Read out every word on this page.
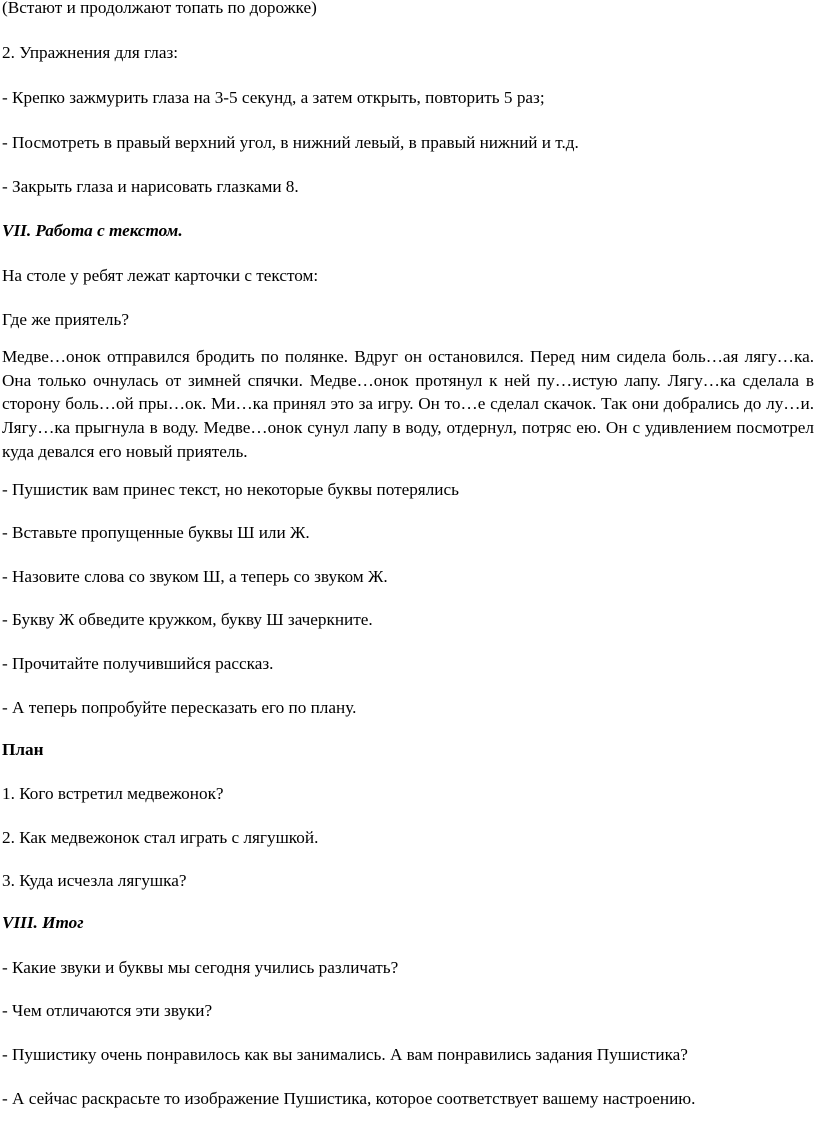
(Встают и продолжают топать по дорожке)

2. Упражнения для глаз:

- Крепко зажмурить глаза на 3-5 секунд, а затем открыть, повторить 5 раз;

- Посмотреть в правый верхний угол, в нижний левый, в правый нижний и т.д.

- Закрыть глаза и нарисовать глазками 8.

VII. Работа с текстом.

На столе у ребят лежат карточки с текстом:

Где же приятель?

Медве…онок отправился бродить по полянке. Вдруг он остановился. Перед ним сидела боль…ая лягу…ка. Она только очнулась от зимней спячки. Медве…онок протянул к ней пу…истую лапу. Лягу…ка сделала в сторону боль…ой пры…ок. Ми…ка принял это за игру. Он то…е сделал скачок. Так они добрались до лу…и. Лягу…ка прыгнула в воду. Медве…онок сунул лапу в воду, отдернул, потряс ею. Он с удивлением посмотрел куда девался его новый приятель.

- Пушистик вам принес текст, но некоторые буквы потерялись

- Вставьте пропущенные буквы Ш или Ж.

- Назовите слова со звуком Ш, а теперь со звуком Ж.

- Букву Ж обведите кружком, букву Ш зачеркните.

- Прочитайте получившийся рассказ.

- А теперь попробуйте пересказать его по плану.

План

1. Кого встретил медвежонок?

2. Как медвежонок стал играть с лягушкой.

3. Куда исчезла лягушка?

VIII. Итог

- Какие звуки и буквы мы сегодня учились различать?

- Чем отличаются эти звуки?

- Пушистику очень понравилось как вы занимались. А вам понравились задания Пушистика?

- А сейчас раскрасьте то изображение Пушистика, которое соответствует вашему настроению.
